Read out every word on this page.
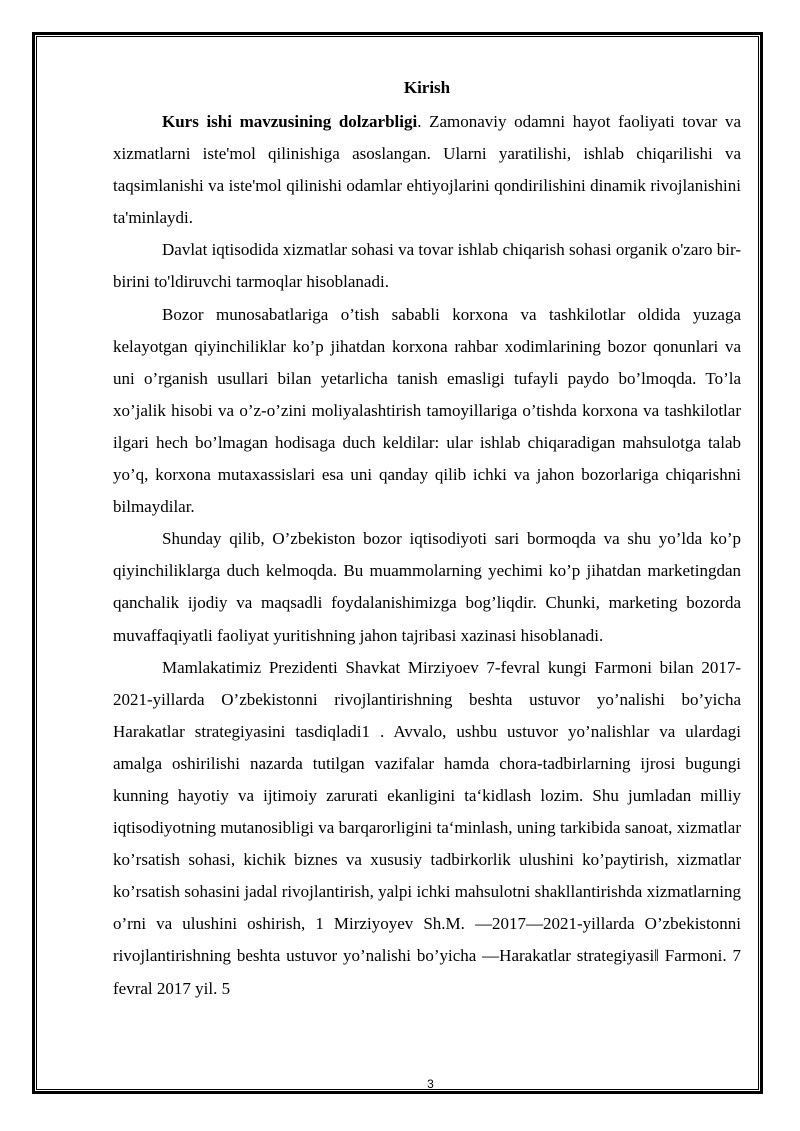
Kirish

Kurs ishi mavzusining dolzarbligi. Zamonaviy odamni hayot faoliyati tovar va xizmatlarni iste'mol qilinishiga asoslangan. Ularni yaratilishi, ishlab chiqarilishi va taqsimlanishi va iste'mol qilinishi odamlar ehtiyojlarini qondirilishini dinamik rivojlanishini ta'minlaydi.

Davlat iqtisodida xizmatlar sohasi va tovar ishlab chiqarish sohasi organik o'zaro bir-birini to'ldiruvchi tarmoqlar hisoblanadi.

Bozor munosabatlariga o’tish sababli korxona va tashkilotlar oldida yuzaga kelayotgan qiyinchiliklar ko’p jihatdan korxona rahbar xodimlarining bozor qonunlari va uni o’rganish usullari bilan yetarlicha tanish emasligi tufayli paydo bo’lmoqda. To’la xo’jalik hisobi va o’z-o’zini moliyalashtirish tamoyillariga o’tishda korxona va tashkilotlar ilgari hech bo’lmagan hodisaga duch keldilar: ular ishlab chiqaradigan mahsulotga talab yo’q, korxona mutaxassislari esa uni qanday qilib ichki va jahon bozorlariga chiqarishni bilmaydilar.

Shunday qilib, O’zbekiston bozor iqtisodiyoti sari bormoqda va shu yo’lda ko’p qiyinchiliklarga duch kelmoqda. Bu muammolarning yechimi ko’p jihatdan marketingdan qanchalik ijodiy va maqsadli foydalanishimizga bog’liqdir. Chunki, marketing bozorda muvaffaqiyatli faoliyat yuritishning jahon tajribasi xazinasi hisoblanadi.

Mamlakatimiz Prezidenti Shavkat Mirziyoev 7-fevral kungi Farmoni bilan 2017-2021-yillarda O’zbekistonni rivojlantirishning beshta ustuvor yo’nalishi bo’yicha Harakatlar strategiyasini tasdiqladi1 . Avvalo, ushbu ustuvor yo’nalishlar va ulardagi amalga oshirilishi nazarda tutilgan vazifalar hamda chora-tadbirlarning ijrosi bugungi kunning hayotiy va ijtimoiy zarurati ekanligini ta‘kidlash lozim. Shu jumladan milliy iqtisodiyotning mutanosibligi va barqarorligini ta‘minlash, uning tarkibida sanoat, xizmatlar ko’rsatish sohasi, kichik biznes va xususiy tadbirkorlik ulushini ko’paytirish, xizmatlar ko’rsatish sohasini jadal rivojlantirish, yalpi ichki mahsulotni shakllantirishda xizmatlarning o’rni va ulushini oshirish, 1 Mirziyoyev Sh.M. ―2017―2021-yillarda O’zbekistonni rivojlantirishning beshta ustuvor yo’nalishi bo’yicha ―Harakatlar strategiyasi‖ Farmoni. 7 fevral 2017 yil. 5

3
